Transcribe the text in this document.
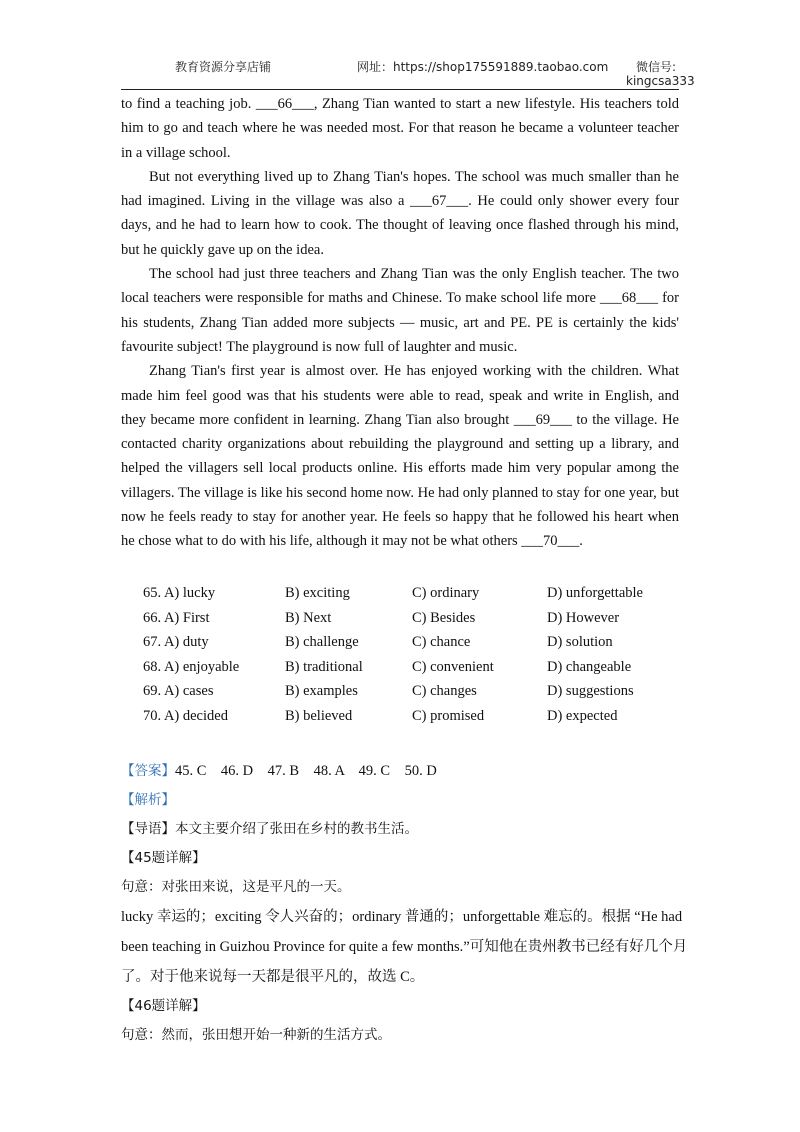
教育资源分享店铺	网址：https://shop175591889.taobao.com 微信号:
kingcsa333

to find a teaching job. ___66___, Zhang Tian wanted to start a new lifestyle. His teachers told him to go and teach where he was needed most. For that reason he became a volunteer teacher in a village school.

But not everything lived up to Zhang Tian's hopes. The school was much smaller than he had imagined. Living in the village was also a ___67___. He could only shower every four days, and he had to learn how to cook. The thought of leaving once flashed through his mind, but he quickly gave up on the idea.

The school had just three teachers and Zhang Tian was the only English teacher. The two local teachers were responsible for maths and Chinese. To make school life more ___68___ for his students, Zhang Tian added more subjects — music, art and PE. PE is certainly the kids' favourite subject! The playground is now full of laughter and music.

Zhang Tian's first year is almost over. He has enjoyed working with the children. What made him feel good was that his students were able to read, speak and write in English, and they became more confident in learning. Zhang Tian also brought ___69___ to the village. He contacted charity organizations about rebuilding the playground and setting up a library, and helped the villagers sell local products online. His efforts made him very popular among the villagers. The village is like his second home now. He had only planned to stay for one year, but now he feels ready to stay for another year. He feels so happy that he followed his heart when he chose what to do with his life, although it may not be what others ___70___.

65. A) lucky	B) exciting	C) ordinary	D) unforgettable
66. A) First	B) Next	C) Besides	D) However
67. A) duty	B) challenge	C) chance	D) solution
68. A) enjoyable	B) traditional	C) convenient	D) changeable
69. A) cases	B) examples	C) changes	D) suggestions
70. A) decided	B) believed	C) promised	D) expected
【答案】45. C    46. D    47. B    48. A    49. C    50. D
【解析】
【导语】本文主要介绍了张田在乡村的教书生活。
【45题详解】
句意：对张田来说，这是平凡的一天。
lucky 幸运的；exciting 令人兴奋的；ordinary 普通的；unforgettable 难忘的。根据 “He had
been teaching in Guizhou Province for quite a few months.”可知他在贵州教书已经有好几个月
了。对于他来说每一天都是很平凡的，故选 C。
【46题详解】
句意：然而，张田想开始一种新的生活方式。
